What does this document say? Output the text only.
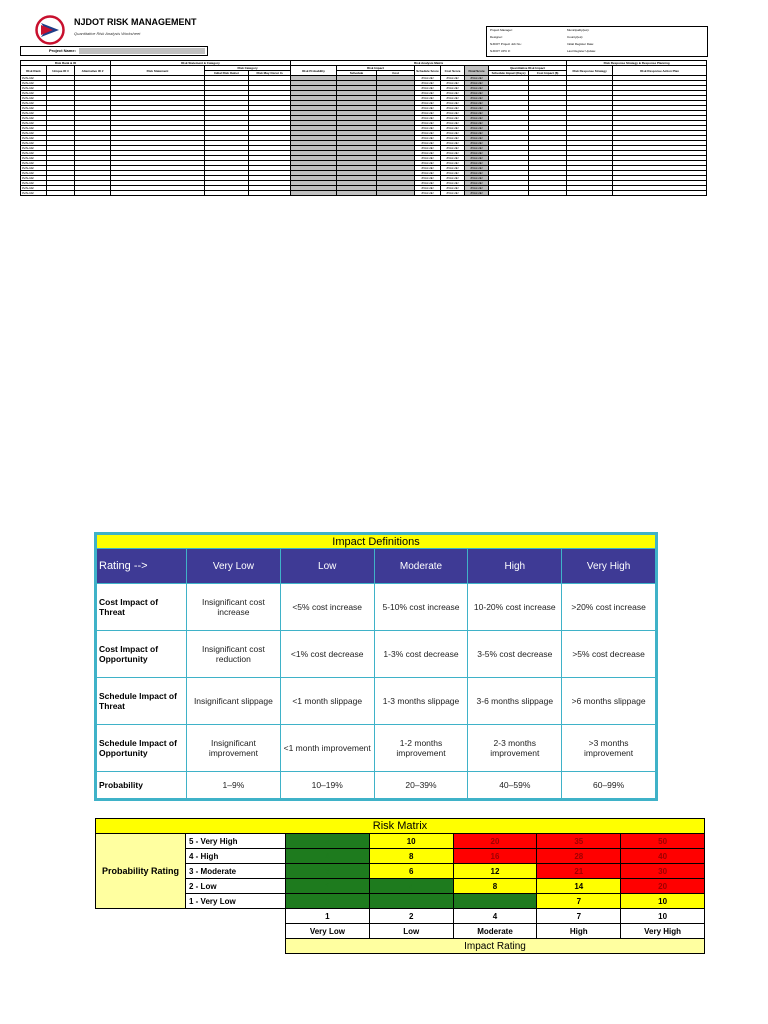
NJDOT RISK MANAGEMENT
Quantitative Risk Analysis Worksheet
Project Name:
Project Manager:	Municipality(ies):
Designer:	County(ies):
NJDOT Project Job No.:	Initial Register Date:
NJDOT UPC #:	Last Register Update:
Risk Rank & ID			Risk Statement & Category			Risk Analysis Matrix								Risk Response Strategy & Response Planning	
Risk Rank	Unique ID #	Alternative ID #	Risk Statement	Risk Category		Risk Probability	Risk Impact		Schedule Score	Cost Score	Final Score	Quantitative Risk Impact		Risk Response Strategy	Risk Response Action Plan
				Initial Risk Owner	Risk May Occur In		Schedule	Cost				Schedule Impact (Days)	Cost Impact ($)		
#VALUE!									#VALUE!	#VALUE!	#VALUE!				
#VALUE!									#VALUE!	#VALUE!	#VALUE!				
#VALUE!									#VALUE!	#VALUE!	#VALUE!				
#VALUE!									#VALUE!	#VALUE!	#VALUE!				
#VALUE!									#VALUE!	#VALUE!	#VALUE!				
#VALUE!									#VALUE!	#VALUE!	#VALUE!				
#VALUE!									#VALUE!	#VALUE!	#VALUE!				
#VALUE!									#VALUE!	#VALUE!	#VALUE!				
#VALUE!									#VALUE!	#VALUE!	#VALUE!				
#VALUE!									#VALUE!	#VALUE!	#VALUE!				
#VALUE!									#VALUE!	#VALUE!	#VALUE!				
#VALUE!									#VALUE!	#VALUE!	#VALUE!				
#VALUE!									#VALUE!	#VALUE!	#VALUE!				
#VALUE!									#VALUE!	#VALUE!	#VALUE!				
#VALUE!									#VALUE!	#VALUE!	#VALUE!				
#VALUE!									#VALUE!	#VALUE!	#VALUE!				
#VALUE!									#VALUE!	#VALUE!	#VALUE!				
#VALUE!									#VALUE!	#VALUE!	#VALUE!				
#VALUE!									#VALUE!	#VALUE!	#VALUE!				
#VALUE!									#VALUE!	#VALUE!	#VALUE!				
#VALUE!									#VALUE!	#VALUE!	#VALUE!				
#VALUE!									#VALUE!	#VALUE!	#VALUE!				
#VALUE!									#VALUE!	#VALUE!	#VALUE!				
#VALUE!									#VALUE!	#VALUE!	#VALUE!				
Impact Definitions					
Rating -->	Very Low	Low	Moderate	High	Very High
Cost Impact of Threat	Insignificant cost increase	<5% cost increase	5-10% cost increase	10-20% cost increase	>20% cost increase
Cost Impact of Opportunity	Insignificant cost reduction	<1% cost decrease	1-3% cost decrease	3-5% cost decrease	>5% cost decrease
Schedule Impact of Threat	Insignificant slippage	<1 month slippage	1-3 months slippage	3-6 months slippage	>6 months slippage
Schedule Impact of Opportunity	Insignificant improvement	<1 month improvement	1-2 months improvement	2-3 months improvement	>3 months improvement
Probability	1–9%	10–19%	20–39%	40–59%	60–99%
Risk Matrix						
Probability Rating	5 - Very High	5	10	20	35	50
	4 - High	4	8	16	28	40
	3 - Moderate	3	6	12	21	30
	2 - Low	2	4	8	14	20
	1 - Very Low	1	2	4	7	10
		1	2	4	7	10
		Very Low	Low	Moderate	High	Very High
		Impact Rating				
